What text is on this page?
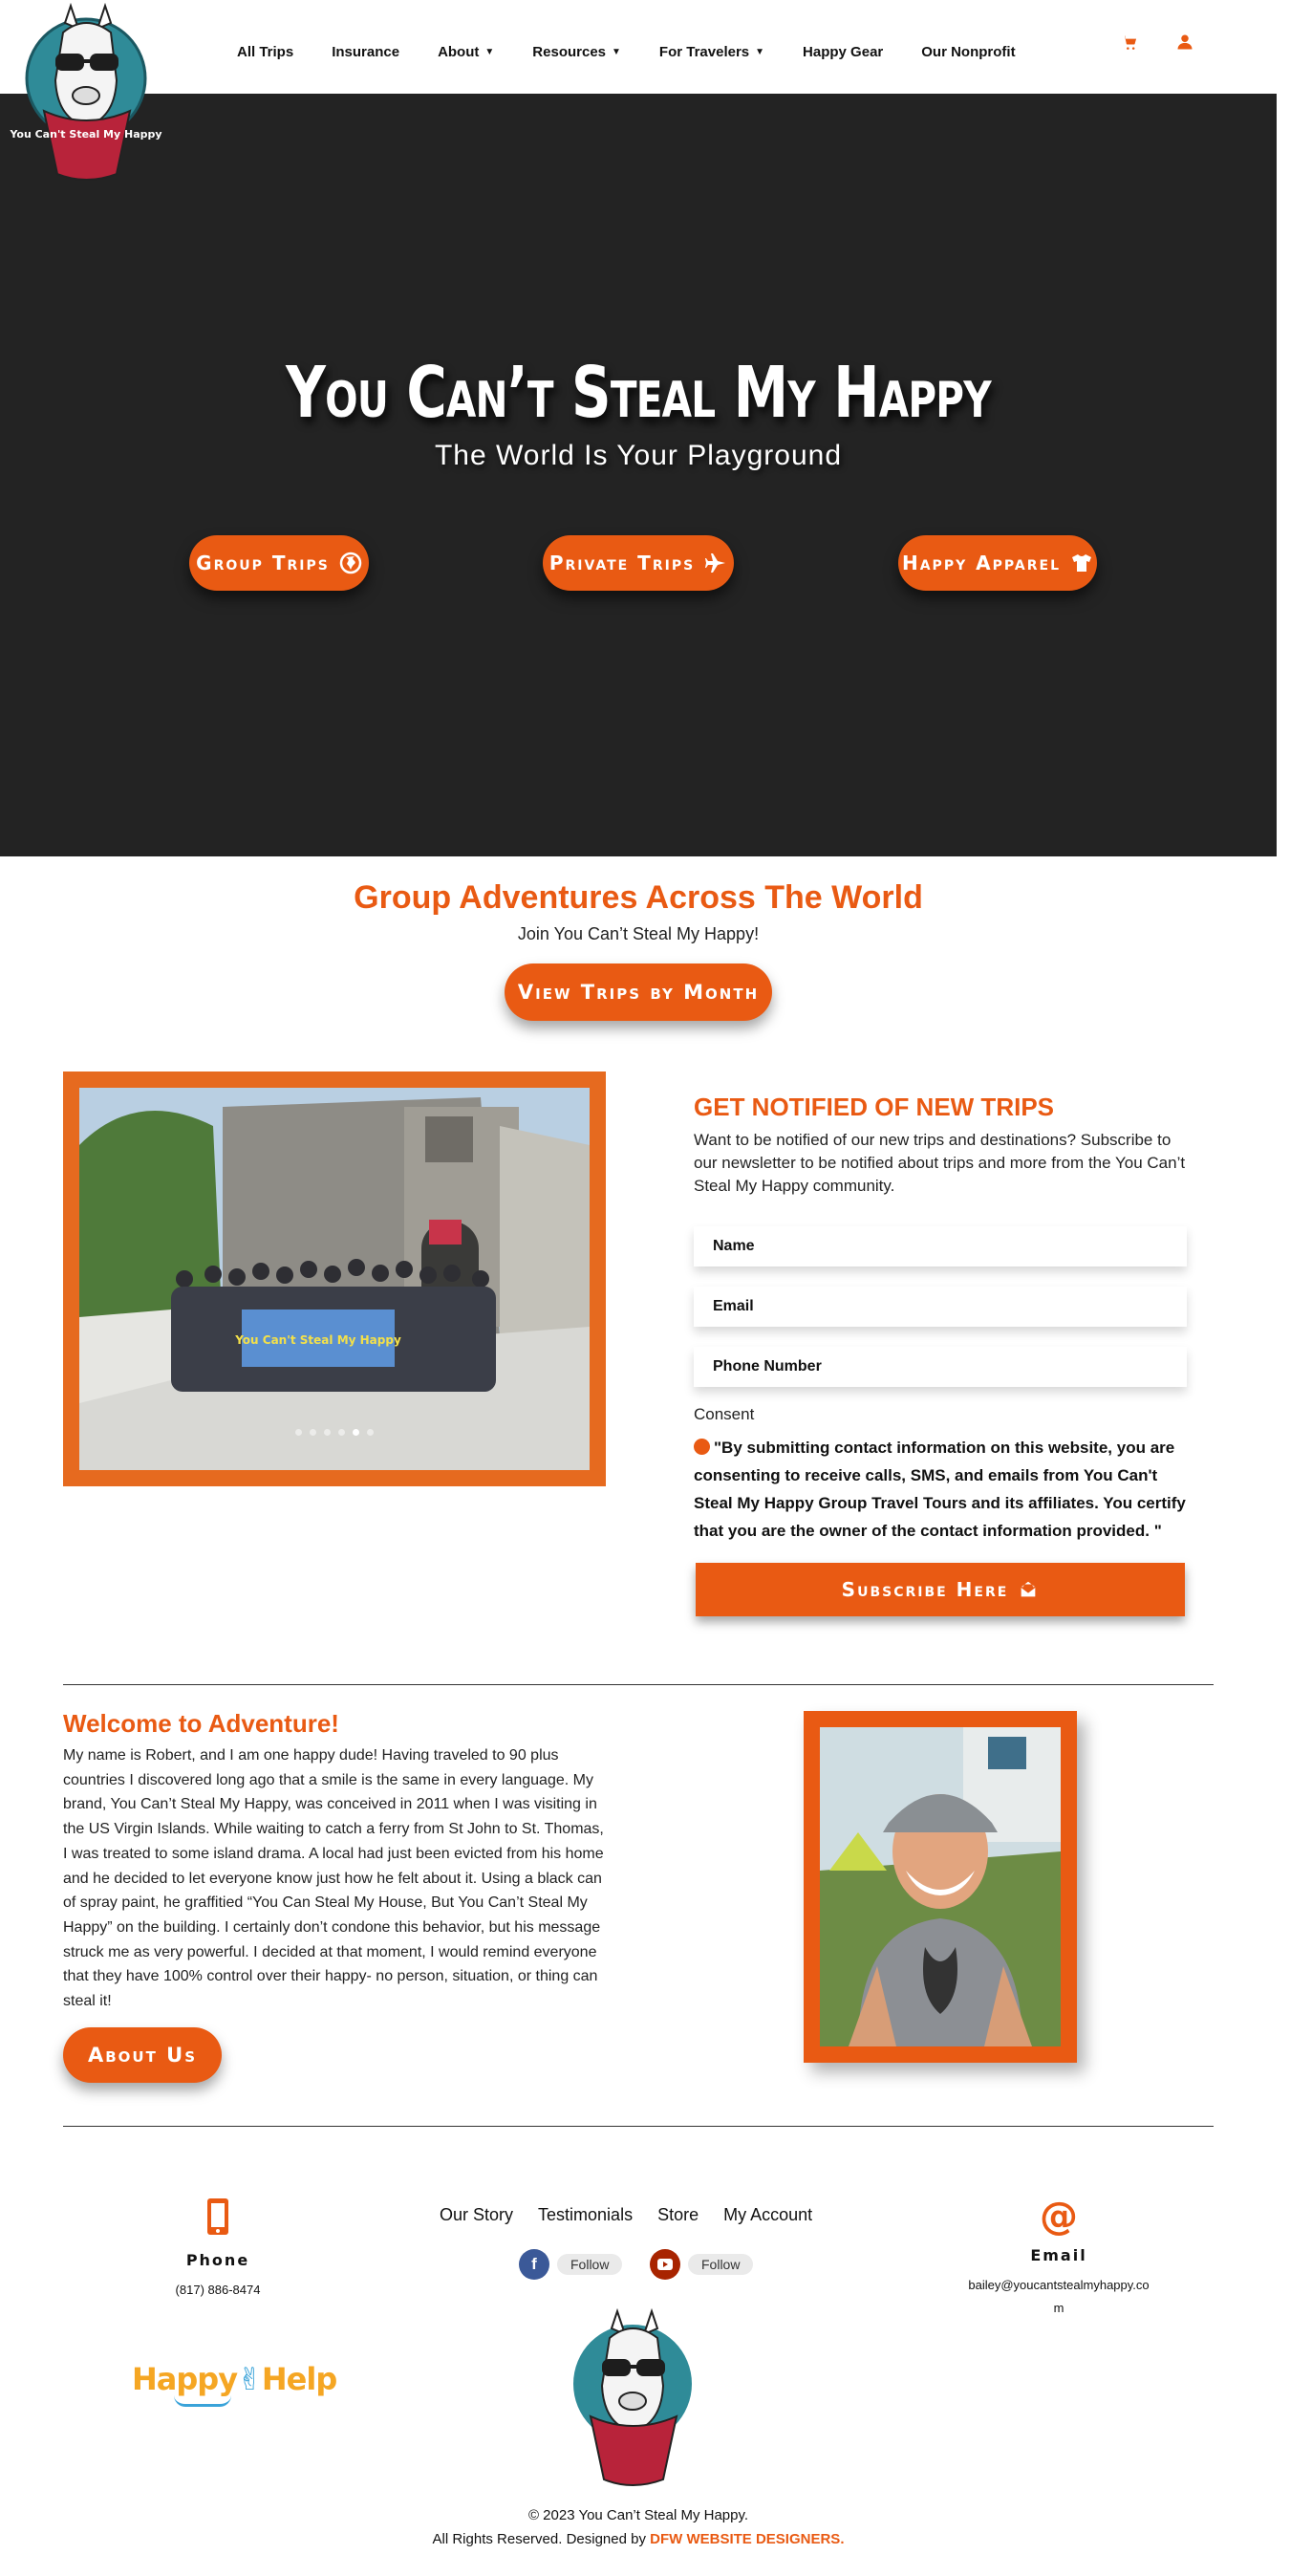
All Trips	Insurance	About ▼	Resources ▼	For Travelers ▼	Happy Gear	Our Nonprofit
You Can't Steal My Happy
You Can’t Steal My Happy
The World Is Your Playground
Group Trips	Private Trips	Happy Apparel
Group Adventures Across The World
Join You Can’t Steal My Happy!
View Trips by Month
You Can't Steal My Happy
GET NOTIFIED OF NEW TRIPS
Want to be notified of our new trips and destinations? Subscribe to our newsletter to be notified about trips and more from the You Can’t Steal My Happy community.
Name
Email
Phone Number
Consent
"By submitting contact information on this website, you are consenting to receive calls, SMS, and emails from You Can't Steal My Happy Group Travel Tours and its affiliates. You certify that you are the owner of the contact information provided. "
Subscribe Here
Welcome to Adventure!
My name is Robert, and I am one happy dude! Having traveled to 90 plus countries I discovered long ago that a smile is the same in every language. My brand, You Can’t Steal My Happy, was conceived in 2011 when I was visiting in the US Virgin Islands. While waiting to catch a ferry from St John to St. Thomas, I was treated to some island drama. A local had just been evicted from his home and he decided to let everyone know just how he felt about it. Using a black can of spray paint, he graffitied “You Can Steal My House, But You Can’t Steal My Happy” on the building. I certainly don’t condone this behavior, but his message struck me as very powerful. I decided at that moment, I would remind everyone that they have 100% control over their happy- no person, situation, or thing can steal it!
About Us
Phone
(817) 886-8474
@
Email
bailey@youcantstealmyhappy.com
Our Story Testimonials Store My Account
f	Follow	Follow
Happy✌Help
© 2023 You Can’t Steal My Happy.
All Rights Reserved. Designed by DFW WEBSITE DESIGNERS.
